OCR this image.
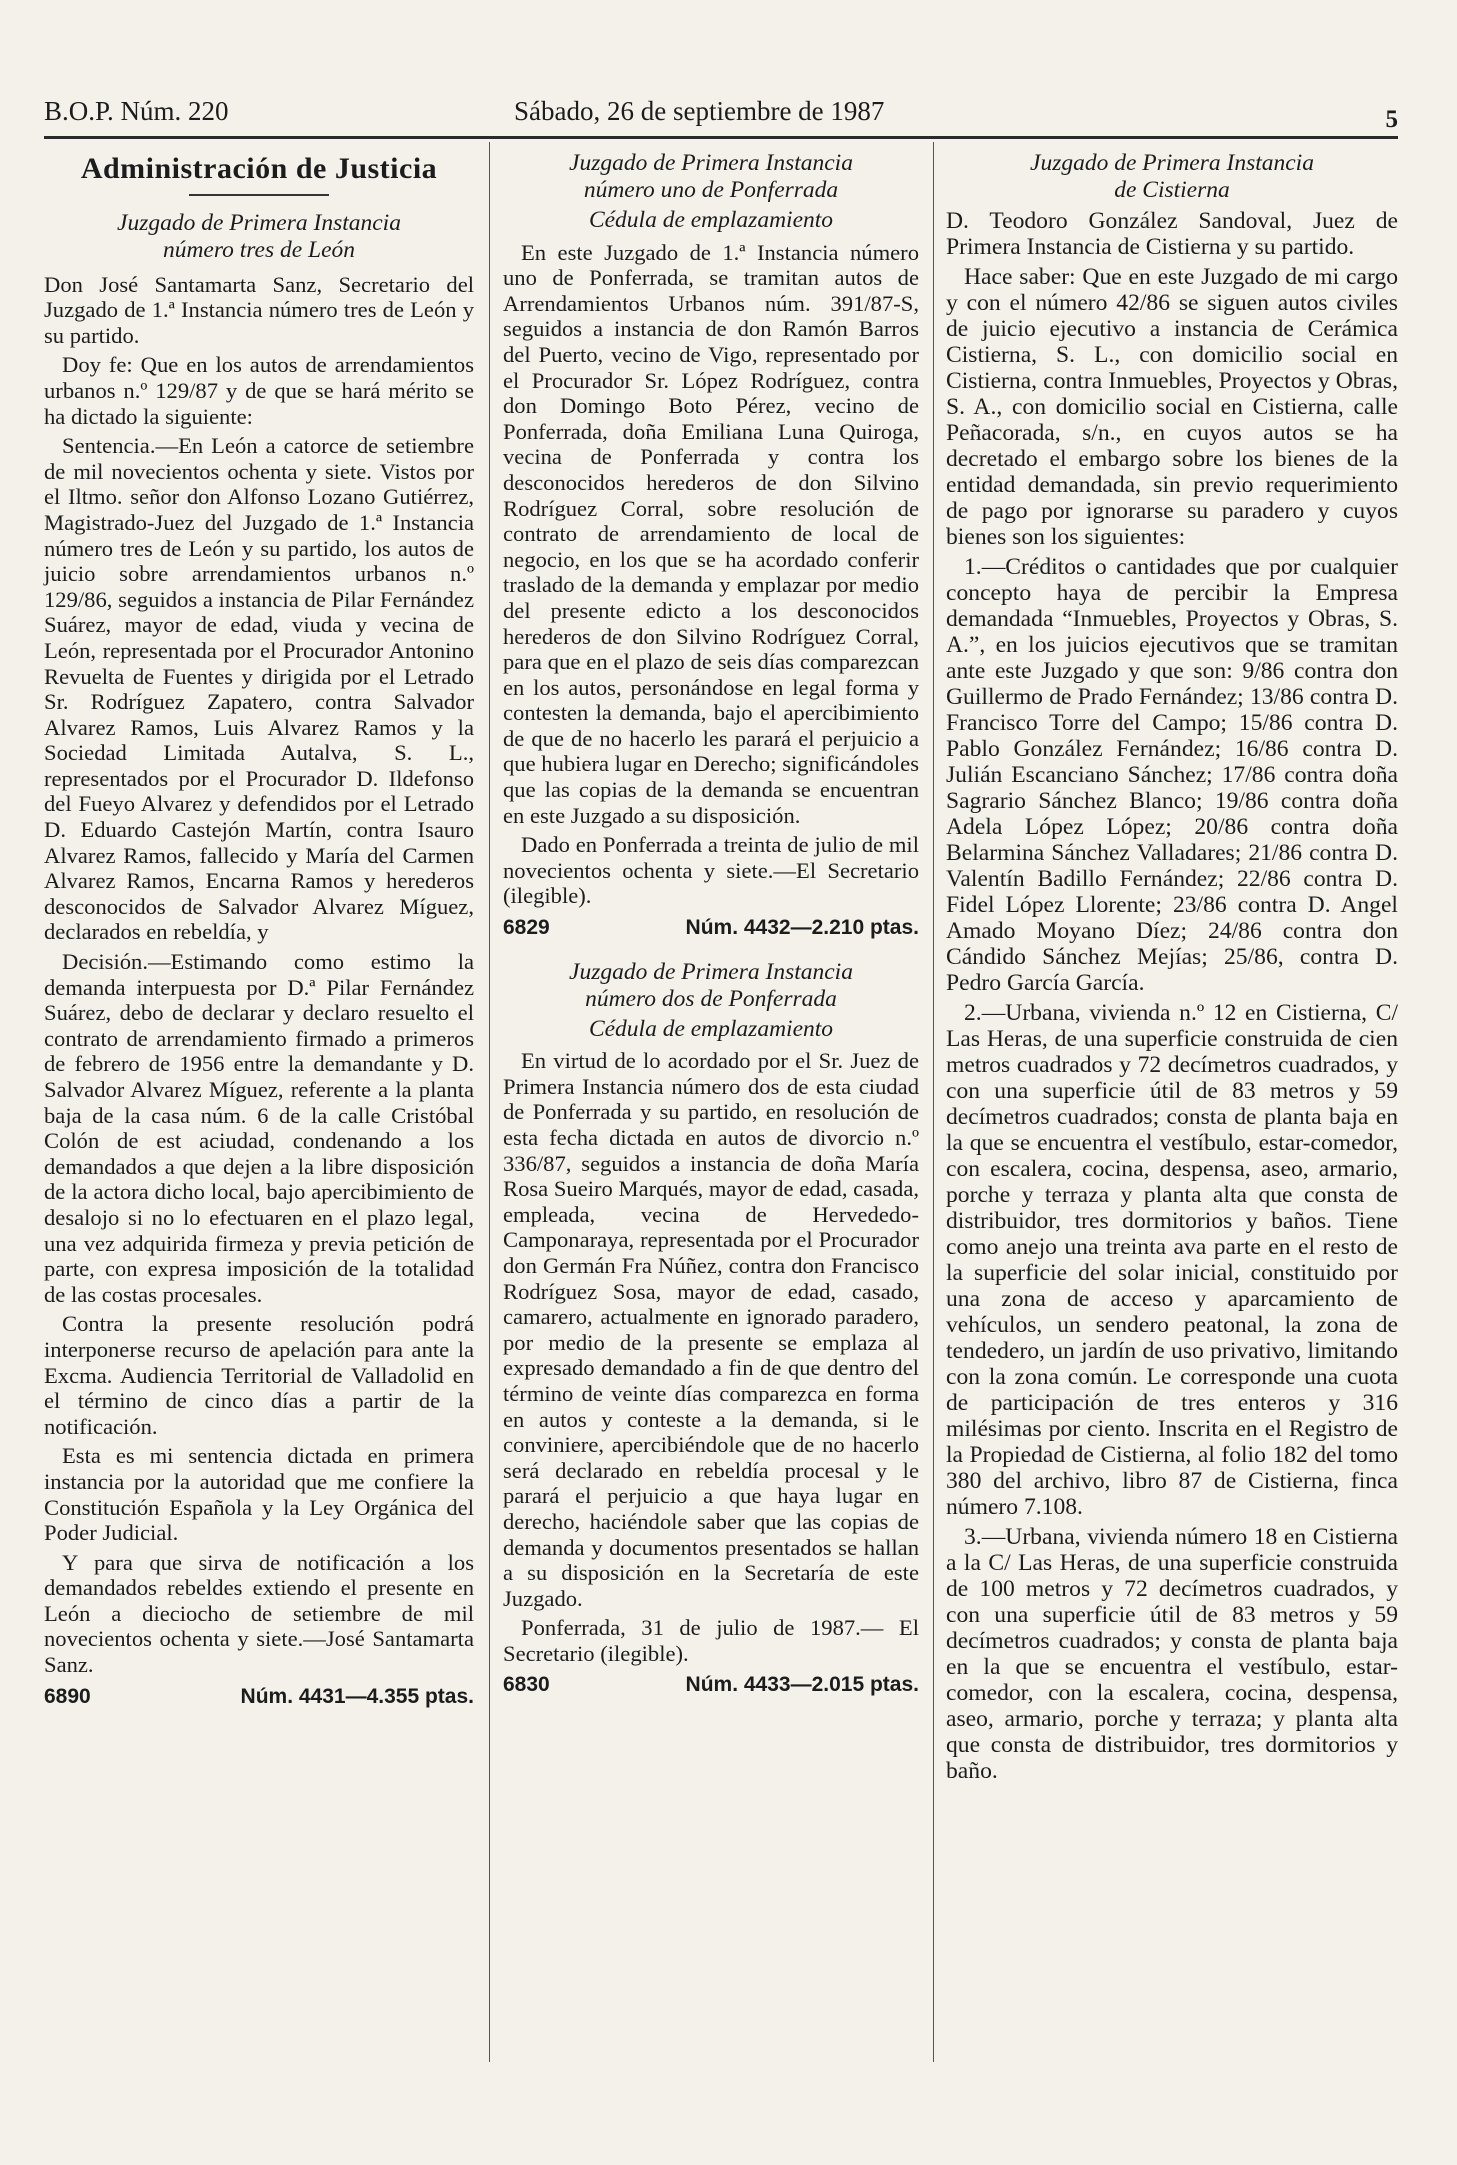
B.O.P. Núm. 220	Sábado, 26 de septiembre de 1987	5
Administración de Justicia
Juzgado de Primera Instancia
número tres de León

Don José Santamarta Sanz, Secretario del Juzgado de 1.ª Instancia número tres de León y su partido.

Doy fe: Que en los autos de arrendamientos urbanos n.º 129/87 y de que se hará mérito se ha dictado la siguiente:

Sentencia.—En León a catorce de setiembre de mil novecientos ochenta y siete. Vistos por el Iltmo. señor don Alfonso Lozano Gutiérrez, Magistrado-Juez del Juzgado de 1.ª Instancia número tres de León y su partido, los autos de juicio sobre arrendamientos urbanos n.º 129/86, seguidos a instancia de Pilar Fernández Suárez, mayor de edad, viuda y vecina de León, representada por el Procurador Antonino Revuelta de Fuentes y dirigida por el Letrado Sr. Rodríguez Zapatero, contra Salvador Alvarez Ramos, Luis Alvarez Ramos y la Sociedad Limitada Autalva, S. L., representados por el Procurador D. Ildefonso del Fueyo Alvarez y defendidos por el Letrado D. Eduardo Castejón Martín, contra Isauro Alvarez Ramos, fallecido y María del Carmen Alvarez Ramos, Encarna Ramos y herederos desconocidos de Salvador Alvarez Míguez, declarados en rebeldía, y

Decisión.—Estimando como estimo la demanda interpuesta por D.ª Pilar Fernández Suárez, debo de declarar y declaro resuelto el contrato de arrendamiento firmado a primeros de febrero de 1956 entre la demandante y D. Salvador Alvarez Míguez, referente a la planta baja de la casa núm. 6 de la calle Cristóbal Colón de est aciudad, condenando a los demandados a que dejen a la libre disposición de la actora dicho local, bajo apercibimiento de desalojo si no lo efectuaren en el plazo legal, una vez adquirida firmeza y previa petición de parte, con expresa imposición de la totalidad de las costas procesales.

Contra la presente resolución podrá interponerse recurso de apelación para ante la Excma. Audiencia Territorial de Valladolid en el término de cinco días a partir de la notificación.

Esta es mi sentencia dictada en primera instancia por la autoridad que me confiere la Constitución Española y la Ley Orgánica del Poder Judicial.

Y para que sirva de notificación a los demandados rebeldes extiendo el presente en León a dieciocho de setiembre de mil novecientos ochenta y siete.—José Santamarta Sanz.

6890	Núm. 4431—4.355 ptas.
Juzgado de Primera Instancia
número uno de Ponferrada
Cédula de emplazamiento

En este Juzgado de 1.ª Instancia número uno de Ponferrada, se tramitan autos de Arrendamientos Urbanos núm. 391/87-S, seguidos a instancia de don Ramón Barros del Puerto, vecino de Vigo, representado por el Procurador Sr. López Rodríguez, contra don Domingo Boto Pérez, vecino de Ponferrada, doña Emiliana Luna Quiroga, vecina de Ponferrada y contra los desconocidos herederos de don Silvino Rodríguez Corral, sobre resolución de contrato de arrendamiento de local de negocio, en los que se ha acordado conferir traslado de la demanda y emplazar por medio del presente edicto a los desconocidos herederos de don Silvino Rodríguez Corral, para que en el plazo de seis días comparezcan en los autos, personándose en legal forma y contesten la demanda, bajo el apercibimiento de que de no hacerlo les parará el perjuicio a que hubiera lugar en Derecho; significándoles que las copias de la demanda se encuentran en este Juzgado a su disposición.

Dado en Ponferrada a treinta de julio de mil novecientos ochenta y siete.—El Secretario (ilegible).

6829	Núm. 4432—2.210 ptas.
Juzgado de Primera Instancia
número dos de Ponferrada
Cédula de emplazamiento

En virtud de lo acordado por el Sr. Juez de Primera Instancia número dos de esta ciudad de Ponferrada y su partido, en resolución de esta fecha dictada en autos de divorcio n.º 336/87, seguidos a instancia de doña María Rosa Sueiro Marqués, mayor de edad, casada, empleada, vecina de Hervededo-Camponaraya, representada por el Procurador don Germán Fra Núñez, contra don Francisco Rodríguez Sosa, mayor de edad, casado, camarero, actualmente en ignorado paradero, por medio de la presente se emplaza al expresado demandado a fin de que dentro del término de veinte días comparezca en forma en autos y conteste a la demanda, si le conviniere, apercibiéndole que de no hacerlo será declarado en rebeldía procesal y le parará el perjuicio a que haya lugar en derecho, haciéndole saber que las copias de demanda y documentos presentados se hallan a su disposición en la Secretaría de este Juzgado.

Ponferrada, 31 de julio de 1987.— El Secretario (ilegible).

6830	Núm. 4433—2.015 ptas.
Juzgado de Primera Instancia
de Cistierna

D. Teodoro González Sandoval, Juez de Primera Instancia de Cistierna y su partido.

Hace saber: Que en este Juzgado de mi cargo y con el número 42/86 se siguen autos civiles de juicio ejecutivo a instancia de Cerámica Cistierna, S. L., con domicilio social en Cistierna, contra Inmuebles, Proyectos y Obras, S. A., con domicilio social en Cistierna, calle Peñacorada, s/n., en cuyos autos se ha decretado el embargo sobre los bienes de la entidad demandada, sin previo requerimiento de pago por ignorarse su paradero y cuyos bienes son los siguientes:

1.—Créditos o cantidades que por cualquier concepto haya de percibir la Empresa demandada “Inmuebles, Proyectos y Obras, S. A.”, en los juicios ejecutivos que se tramitan ante este Juzgado y que son: 9/86 contra don Guillermo de Prado Fernández; 13/86 contra D. Francisco Torre del Campo; 15/86 contra D. Pablo González Fernández; 16/86 contra D. Julián Escanciano Sánchez; 17/86 contra doña Sagrario Sánchez Blanco; 19/86 contra doña Adela López López; 20/86 contra doña Belarmina Sánchez Valladares; 21/86 contra D. Valentín Badillo Fernández; 22/86 contra D. Fidel López Llorente; 23/86 contra D. Angel Amado Moyano Díez; 24/86 contra don Cándido Sánchez Mejías; 25/86, contra D. Pedro García García.

2.—Urbana, vivienda n.º 12 en Cistierna, C/ Las Heras, de una superficie construida de cien metros cuadrados y 72 decímetros cuadrados, y con una superficie útil de 83 metros y 59 decímetros cuadrados; consta de planta baja en la que se encuentra el vestíbulo, estar-comedor, con escalera, cocina, despensa, aseo, armario, porche y terraza y planta alta que consta de distribuidor, tres dormitorios y baños. Tiene como anejo una treinta ava parte en el resto de la superficie del solar inicial, constituido por una zona de acceso y aparcamiento de vehículos, un sendero peatonal, la zona de tendedero, un jardín de uso privativo, limitando con la zona común. Le corresponde una cuota de participación de tres enteros y 316 milésimas por ciento. Inscrita en el Registro de la Propiedad de Cistierna, al folio 182 del tomo 380 del archivo, libro 87 de Cistierna, finca número 7.108.

3.—Urbana, vivienda número 18 en Cistierna a la C/ Las Heras, de una superficie construida de 100 metros y 72 decímetros cuadrados, y con una superficie útil de 83 metros y 59 decímetros cuadrados; y consta de planta baja en la que se encuentra el vestíbulo, estar-comedor, con la escalera, cocina, despensa, aseo, armario, porche y terraza; y planta alta que consta de distribuidor, tres dormitorios y baño.
